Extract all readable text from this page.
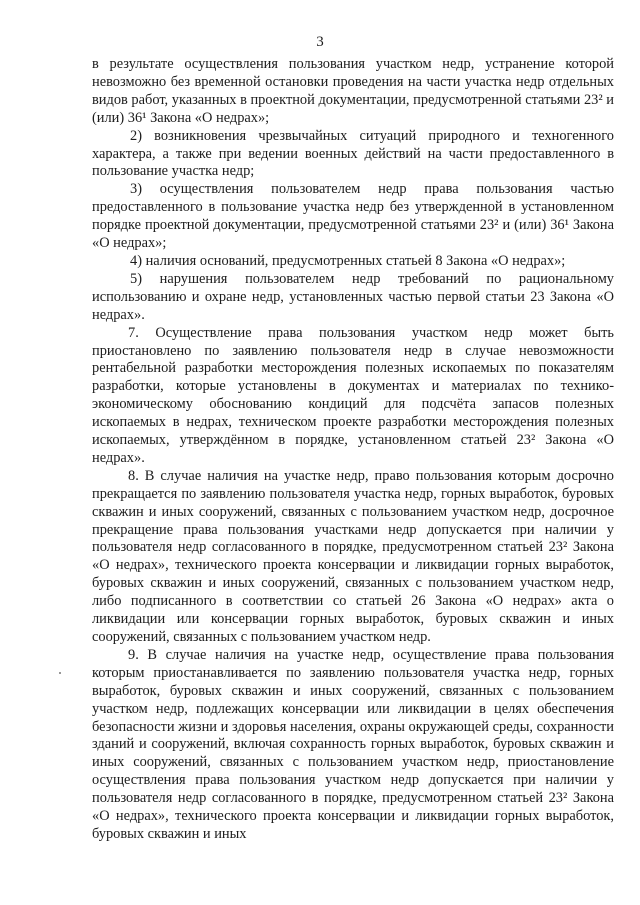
3

в результате осуществления пользования участком недр, устранение которой невозможно без временной остановки проведения на части участка недр отдельных видов работ, указанных в проектной документации, предусмотренной статьями 23² и (или) 36¹ Закона «О недрах»;

2) возникновения чрезвычайных ситуаций природного и техногенного характера, а также при ведении военных действий на части предоставленного в пользование участка недр;

3) осуществления пользователем недр права пользования частью предоставленного в пользование участка недр без утвержденной в установленном порядке проектной документации, предусмотренной статьями 23² и (или) 36¹ Закона «О недрах»;

4) наличия оснований, предусмотренных статьей 8 Закона «О недрах»;

5) нарушения пользователем недр требований по рациональному использованию и охране недр, установленных частью первой статьи 23 Закона «О недрах».

7. Осуществление права пользования участком недр может быть приостановлено по заявлению пользователя недр в случае невозможности рентабельной разработки месторождения полезных ископаемых по показателям разработки, которые установлены в документах и материалах по технико-экономическому обоснованию кондиций для подсчёта запасов полезных ископаемых в недрах, техническом проекте разработки месторождения полезных ископаемых, утверждённом в порядке, установленном статьей 23² Закона «О недрах».

8. В случае наличия на участке недр, право пользования которым досрочно прекращается по заявлению пользователя участка недр, горных выработок, буровых скважин и иных сооружений, связанных с пользованием участком недр, досрочное прекращение права пользования участками недр допускается при наличии у пользователя недр согласованного в порядке, предусмотренном статьей 23² Закона «О недрах», технического проекта консервации и ликвидации горных выработок, буровых скважин и иных сооружений, связанных с пользованием участком недр, либо подписанного в соответствии со статьей 26 Закона «О недрах» акта о ликвидации или консервации горных выработок, буровых скважин и иных сооружений, связанных с пользованием участком недр.

9. В случае наличия на участке недр, осуществление права пользования которым приостанавливается по заявлению пользователя участка недр, горных выработок, буровых скважин и иных сооружений, связанных с пользованием участком недр, подлежащих консервации или ликвидации в целях обеспечения безопасности жизни и здоровья населения, охраны окружающей среды, сохранности зданий и сооружений, включая сохранность горных выработок, буровых скважин и иных сооружений, связанных с пользованием участком недр, приостановление осуществления права пользования участком недр допускается при наличии у пользователя недр согласованного в порядке, предусмотренном статьей 23² Закона «О недрах», технического проекта консервации и ликвидации горных выработок, буровых скважин и иных
